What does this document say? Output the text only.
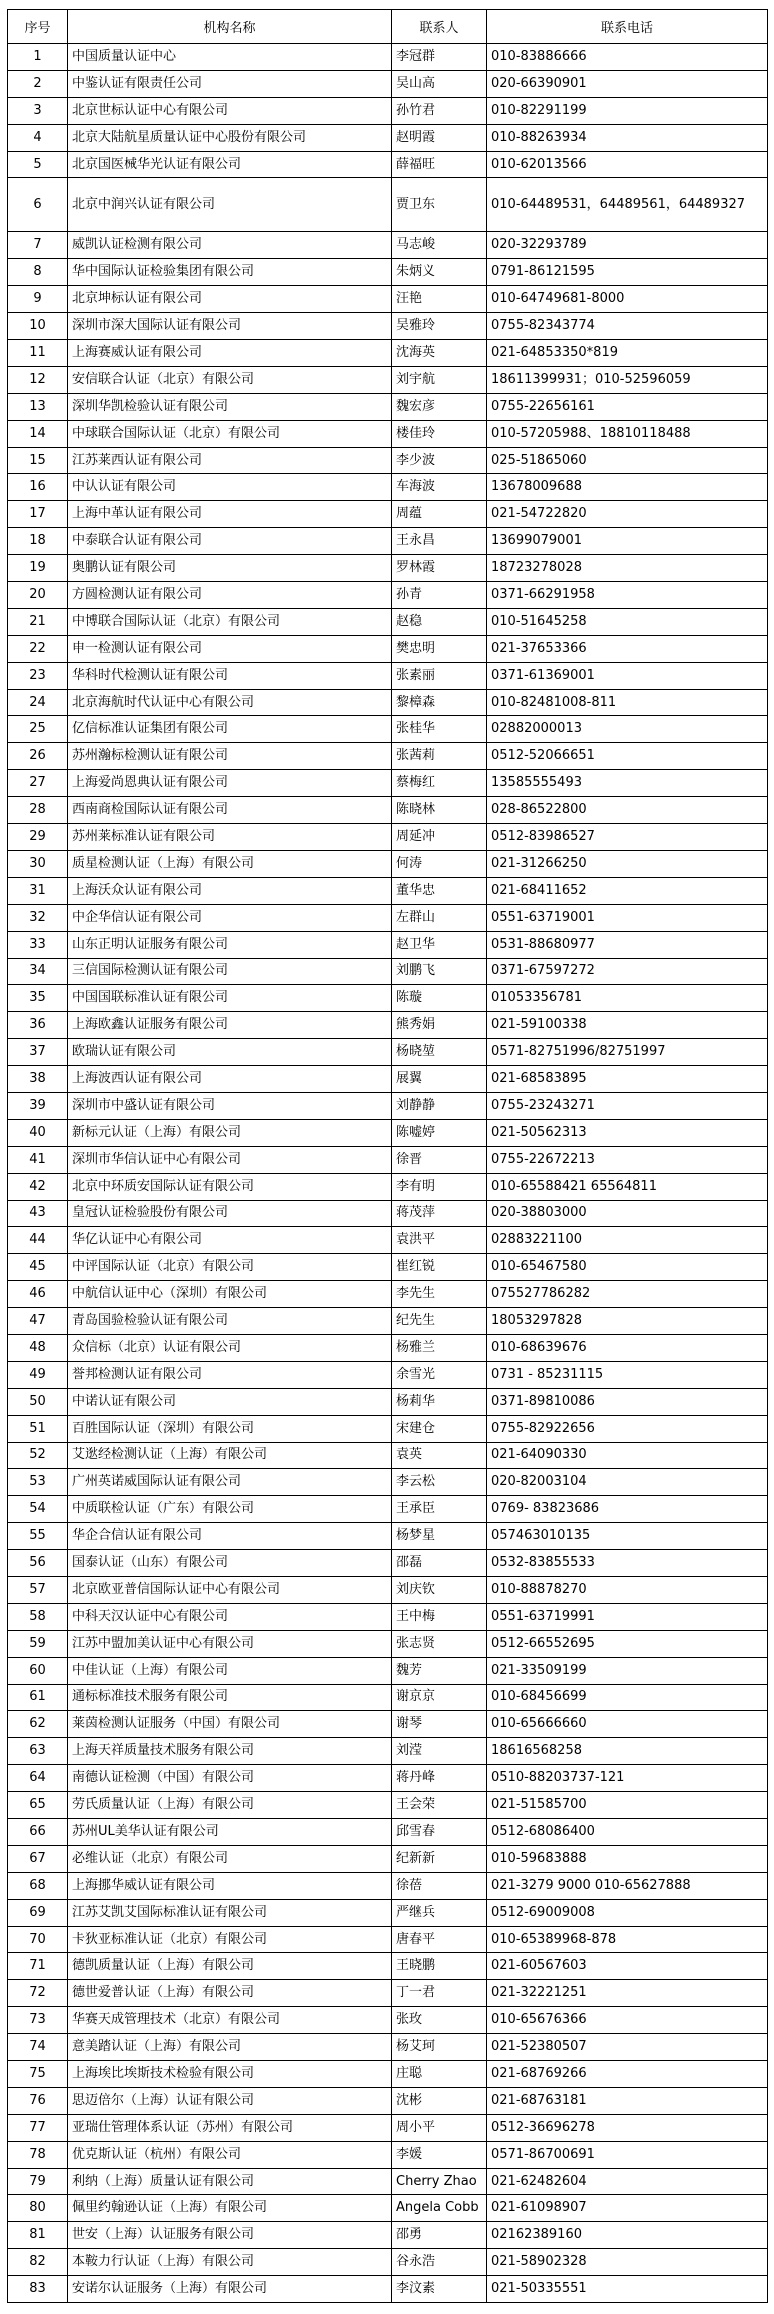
序号	机构名称	联系人	联系电话
1	中国质量认证中心	李冠群	010-83886666
2	中鉴认证有限责任公司	吴山高	020-66390901
3	北京世标认证中心有限公司	孙竹君	010-82291199
4	北京大陆航星质量认证中心股份有限公司	赵明霞	010-88263934
5	北京国医械华光认证有限公司	薛福旺	010-62013566
6	北京中润兴认证有限公司	贾卫东	010-64489531，64489561，64489327
7	威凯认证检测有限公司	马志峻	020-32293789
8	华中国际认证检验集团有限公司	朱炳义	0791-86121595
9	北京坤标认证有限公司	汪艳	010-64749681-8000
10	深圳市深大国际认证有限公司	吴雅玲	0755-82343774
11	上海赛威认证有限公司	沈海英	021-64853350*819
12	安信联合认证（北京）有限公司	刘宇航	18611399931；010-52596059
13	深圳华凯检验认证有限公司	魏宏彦	0755-22656161
14	中球联合国际认证（北京）有限公司	楼佳玲	010-57205988、18810118488
15	江苏莱西认证有限公司	李少波	025-51865060
16	中认认证有限公司	车海波	13678009688
17	上海中革认证有限公司	周蕴	021-54722820
18	中泰联合认证有限公司	王永昌	13699079001
19	奥鹏认证有限公司	罗林霞	18723278028
20	方圆检测认证有限公司	孙青	0371-66291958
21	中博联合国际认证（北京）有限公司	赵稳	010-51645258
22	申一检测认证有限公司	樊忠明	021-37653366
23	华科时代检测认证有限公司	张素丽	0371-61369001
24	北京海航时代认证中心有限公司	黎樟森	010-82481008-811
25	亿信标准认证集团有限公司	张桂华	02882000013
26	苏州瀚标检测认证有限公司	张茜莉	0512-52066651
27	上海爱尚恩典认证有限公司	蔡梅红	13585555493
28	西南商检国际认证有限公司	陈晓林	028-86522800
29	苏州莱标准认证有限公司	周延冲	0512-83986527
30	质星检测认证（上海）有限公司	何涛	021-31266250
31	上海沃众认证有限公司	董华忠	021-68411652
32	中企华信认证有限公司	左群山	0551-63719001
33	山东正明认证服务有限公司	赵卫华	0531-88680977
34	三信国际检测认证有限公司	刘鹏飞	0371-67597272
35	中国国联标准认证有限公司	陈璇	01053356781
36	上海欧鑫认证服务有限公司	熊秀娟	021-59100338
37	欧瑞认证有限公司	杨晓堃	0571-82751996/82751997
38	上海波西认证有限公司	展翼	021-68583895
39	深圳市中盛认证有限公司	刘静静	0755-23243271
40	新标元认证（上海）有限公司	陈嘘婷	021-50562313
41	深圳市华信认证中心有限公司	徐晋	0755-22672213
42	北京中环质安国际认证有限公司	李有明	010-65588421 65564811
43	皇冠认证检验股份有限公司	蒋茂萍	020-38803000
44	华亿认证中心有限公司	袁洪平	02883221100
45	中评国际认证（北京）有限公司	崔红锐	010-65467580
46	中航信认证中心（深圳）有限公司	李先生	075527786282
47	青岛国验检验认证有限公司	纪先生	18053297828
48	众信标（北京）认证有限公司	杨雅兰	010-68639676
49	誉邦检测认证有限公司	余雪光	0731 - 85231115
50	中诺认证有限公司	杨莉华	0371-89810086
51	百胜国际认证（深圳）有限公司	宋建仓	0755-82922656
52	艾逖经检测认证（上海）有限公司	袁英	021-64090330
53	广州英诺威国际认证有限公司	李云松	020-82003104
54	中质联检认证（广东）有限公司	王承臣	0769- 83823686
55	华企合信认证有限公司	杨梦星	057463010135
56	国泰认证（山东）有限公司	邵磊	0532-83855533
57	北京欧亚普信国际认证中心有限公司	刘庆钦	010-88878270
58	中科天汉认证中心有限公司	王中梅	0551-63719991
59	江苏中盟加美认证中心有限公司	张志贤	0512-66552695
60	中佳认证（上海）有限公司	魏芳	021-33509199
61	通标标准技术服务有限公司	谢京京	010-68456699
62	莱茵检测认证服务（中国）有限公司	谢琴	010-65666660
63	上海天祥质量技术服务有限公司	刘滢	18616568258
64	南德认证检测（中国）有限公司	蒋丹峰	0510-88203737-121
65	劳氏质量认证（上海）有限公司	王会荣	021-51585700
66	苏州UL美华认证有限公司	邱雪春	0512-68086400
67	必维认证（北京）有限公司	纪新新	010-59683888
68	上海挪华威认证有限公司	徐蓓	021-3279 9000 010-65627888
69	江苏艾凯艾国际标准认证有限公司	严继兵	0512-69009008
70	卡狄亚标准认证（北京）有限公司	唐春平	010-65389968-878
71	德凯质量认证（上海）有限公司	王晓鹏	021-60567603
72	德世爱普认证（上海）有限公司	丁一君	021-32221251
73	华赛天成管理技术（北京）有限公司	张玫	010-65676366
74	意美踏认证（上海）有限公司	杨艾珂	021-52380507
75	上海埃比埃斯技术检验有限公司	庄聪	021-68769266
76	思迈倍尔（上海）认证有限公司	沈彬	021-68763181
77	亚瑞仕管理体系认证（苏州）有限公司	周小平	0512-36696278
78	优克斯认证（杭州）有限公司	李媛	0571-86700691
79	利纳（上海）质量认证有限公司	Cherry Zhao	021-62482604
80	佩里约翰逊认证（上海）有限公司	Angela Cobb	021-61098907
81	世安（上海）认证服务有限公司	邵勇	02162389160
82	本鞍力行认证（上海）有限公司	谷永浩	021-58902328
83	安诺尔认证服务（上海）有限公司	李汶素	021-50335551
